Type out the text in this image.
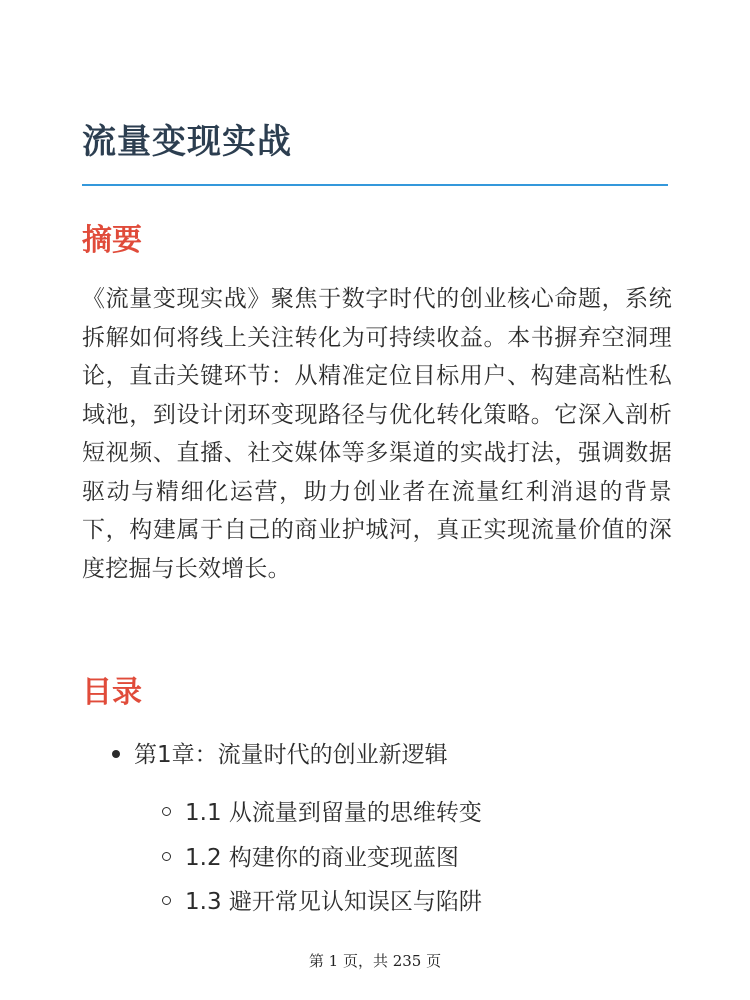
流量变现实战
摘要

《流量变现实战》聚焦于数字时代的创业核心命题，系统拆解如何将线上关注转化为可持续收益。本书摒弃空洞理论，直击关键环节：从精准定位目标用户、构建高粘性私域池，到设计闭环变现路径与优化转化策略。它深入剖析短视频、直播、社交媒体等多渠道的实战打法，强调数据驱动与精细化运营，助力创业者在流量红利消退的背景下，构建属于自己的商业护城河，真正实现流量价值的深度挖掘与长效增长。

目录
第1章：流量时代的创业新逻辑
1.1 从流量到留量的思维转变
1.2 构建你的商业变现蓝图
1.3 避开常见认知误区与陷阱
第 1 页，共 235 页
